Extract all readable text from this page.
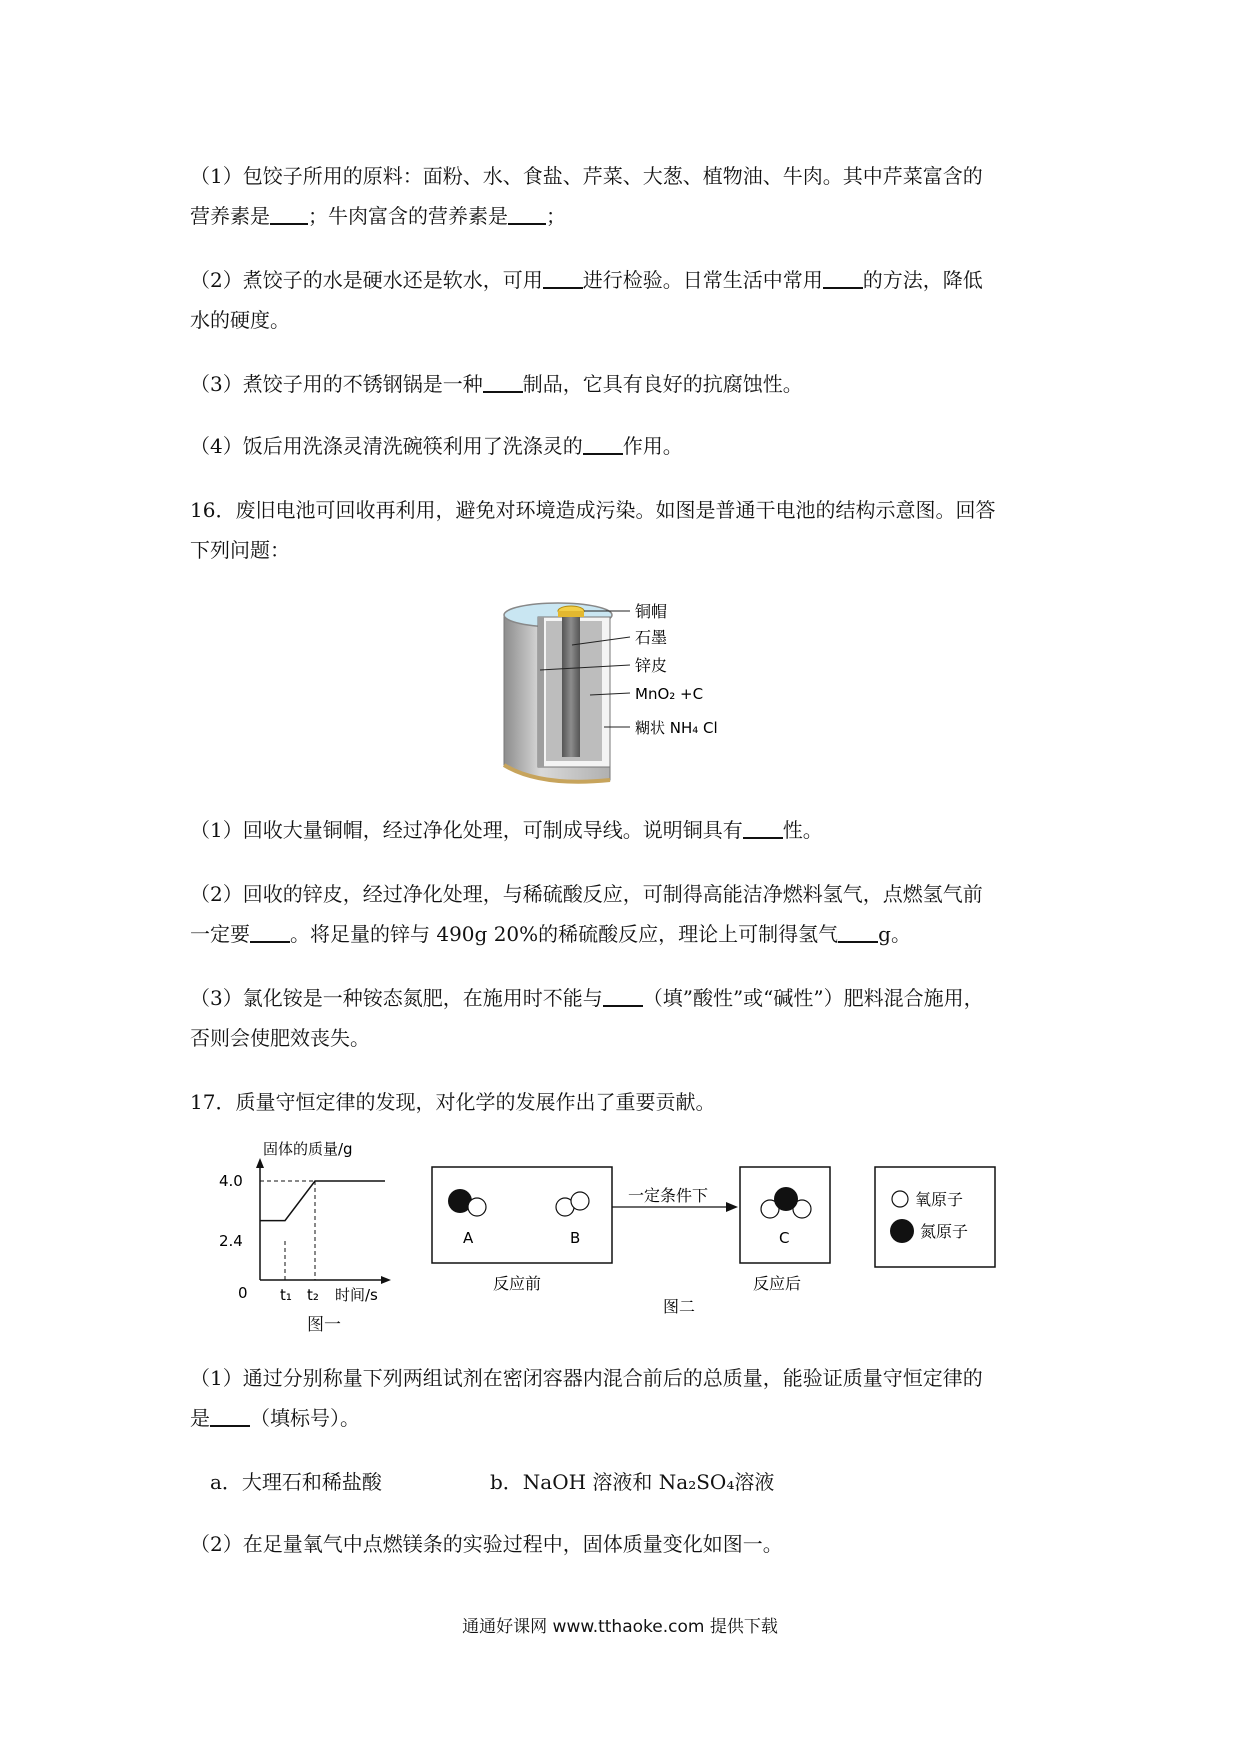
（1）包饺子所用的原料：面粉、水、食盐、芹菜、大葱、植物油、牛肉。其中芹菜富含的
营养素是 ；牛肉富含的营养素是 ；
（2）煮饺子的水是硬水还是软水，可用 进行检验。日常生活中常用 的方法，降低
水的硬度。
（3）煮饺子用的不锈钢锅是一种 制品，它具有良好的抗腐蚀性。
（4）饭后用洗涤灵清洗碗筷利用了洗涤灵的 作用。
16．废旧电池可回收再利用，避免对环境造成污染。如图是普通干电池的结构示意图。回答
下列问题：
铜帽
石墨
锌皮
MnO₂ +C
糊状 NH₄ Cl
（1）回收大量铜帽，经过净化处理，可制成导线。说明铜具有 性。
（2）回收的锌皮，经过净化处理，与稀硫酸反应，可制得高能洁净燃料氢气，点燃氢气前
一定要 。将足量的锌与 490g 20%的稀硫酸反应，理论上可制得氢气 g。
（3）氯化铵是一种铵态氮肥，在施用时不能与 （填”酸性”或“碱性”）肥料混合施用，
否则会使肥效丧失。
17．质量守恒定律的发现，对化学的发展作出了重要贡献。
固体的质量/g
时间/s
0
4.0
2.4
t₁ t₂
图一
A	B
反应前
一定条件下
图二
C
反应后
氧原子
氮原子
（1）通过分别称量下列两组试剂在密闭容器内混合前后的总质量，能验证质量守恒定律的
是 （填标号）。
a．大理石和稀盐酸	b．NaOH 溶液和 Na₂SO₄溶液
（2）在足量氧气中点燃镁条的实验过程中，固体质量变化如图一。
通通好课网 www.tthaoke.com 提供下载
